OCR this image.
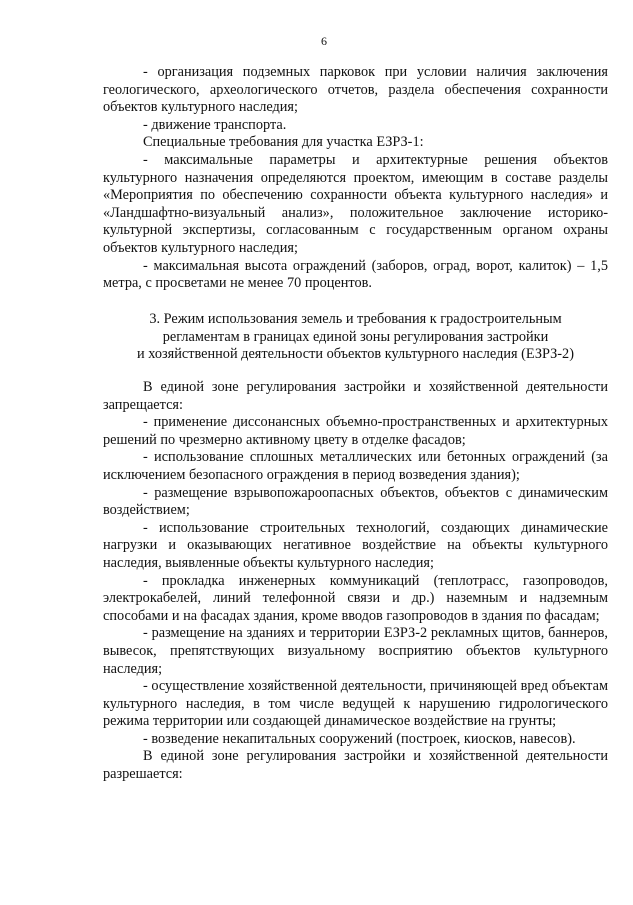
6

- организация подземных парковок при условии наличия заключения геологического, археологического отчетов, раздела обеспечения сохранности объектов культурного наследия;

- движение транспорта.

Специальные требования для участка ЕЗРЗ-1:

- максимальные параметры и архитектурные решения объектов культурного назначения определяются проектом, имеющим в составе разделы «Мероприятия по обеспечению сохранности объекта культурного наследия» и «Ландшафтно-визуальный анализ», положительное заключение историко-культурной экспертизы, согласованным с государственным органом охраны объектов культурного наследия;

- максимальная высота ограждений (заборов, оград, ворот, калиток) – 1,5 метра, с просветами не менее 70 процентов.

3. Режим использования земель и требования к градостроительным

регламентам в границах единой зоны регулирования застройки

и хозяйственной деятельности объектов культурного наследия (ЕЗРЗ-2)

В единой зоне регулирования застройки и хозяйственной деятельности запрещается:

- применение диссонансных объемно-пространственных и архитектурных решений по чрезмерно активному цвету в отделке фасадов;

- использование сплошных металлических или бетонных ограждений (за исключением безопасного ограждения в период возведения здания);

- размещение взрывопожароопасных объектов, объектов с динамическим воздействием;

- использование строительных технологий, создающих динамические нагрузки и оказывающих негативное воздействие на объекты культурного наследия, выявленные объекты культурного наследия;

- прокладка инженерных коммуникаций (теплотрасс, газопроводов, электрокабелей, линий телефонной связи и др.) наземным и надземным способами и на фасадах здания, кроме вводов газопроводов в здания по фасадам;

- размещение на зданиях и территории ЕЗРЗ-2 рекламных щитов, баннеров, вывесок, препятствующих визуальному восприятию объектов культурного наследия;

- осуществление хозяйственной деятельности, причиняющей вред объектам культурного наследия, в том числе ведущей к нарушению гидрологического режима территории или создающей динамическое воздействие на грунты;

- возведение некапитальных сооружений (построек, киосков, навесов).

В единой зоне регулирования застройки и хозяйственной деятельности разрешается:
